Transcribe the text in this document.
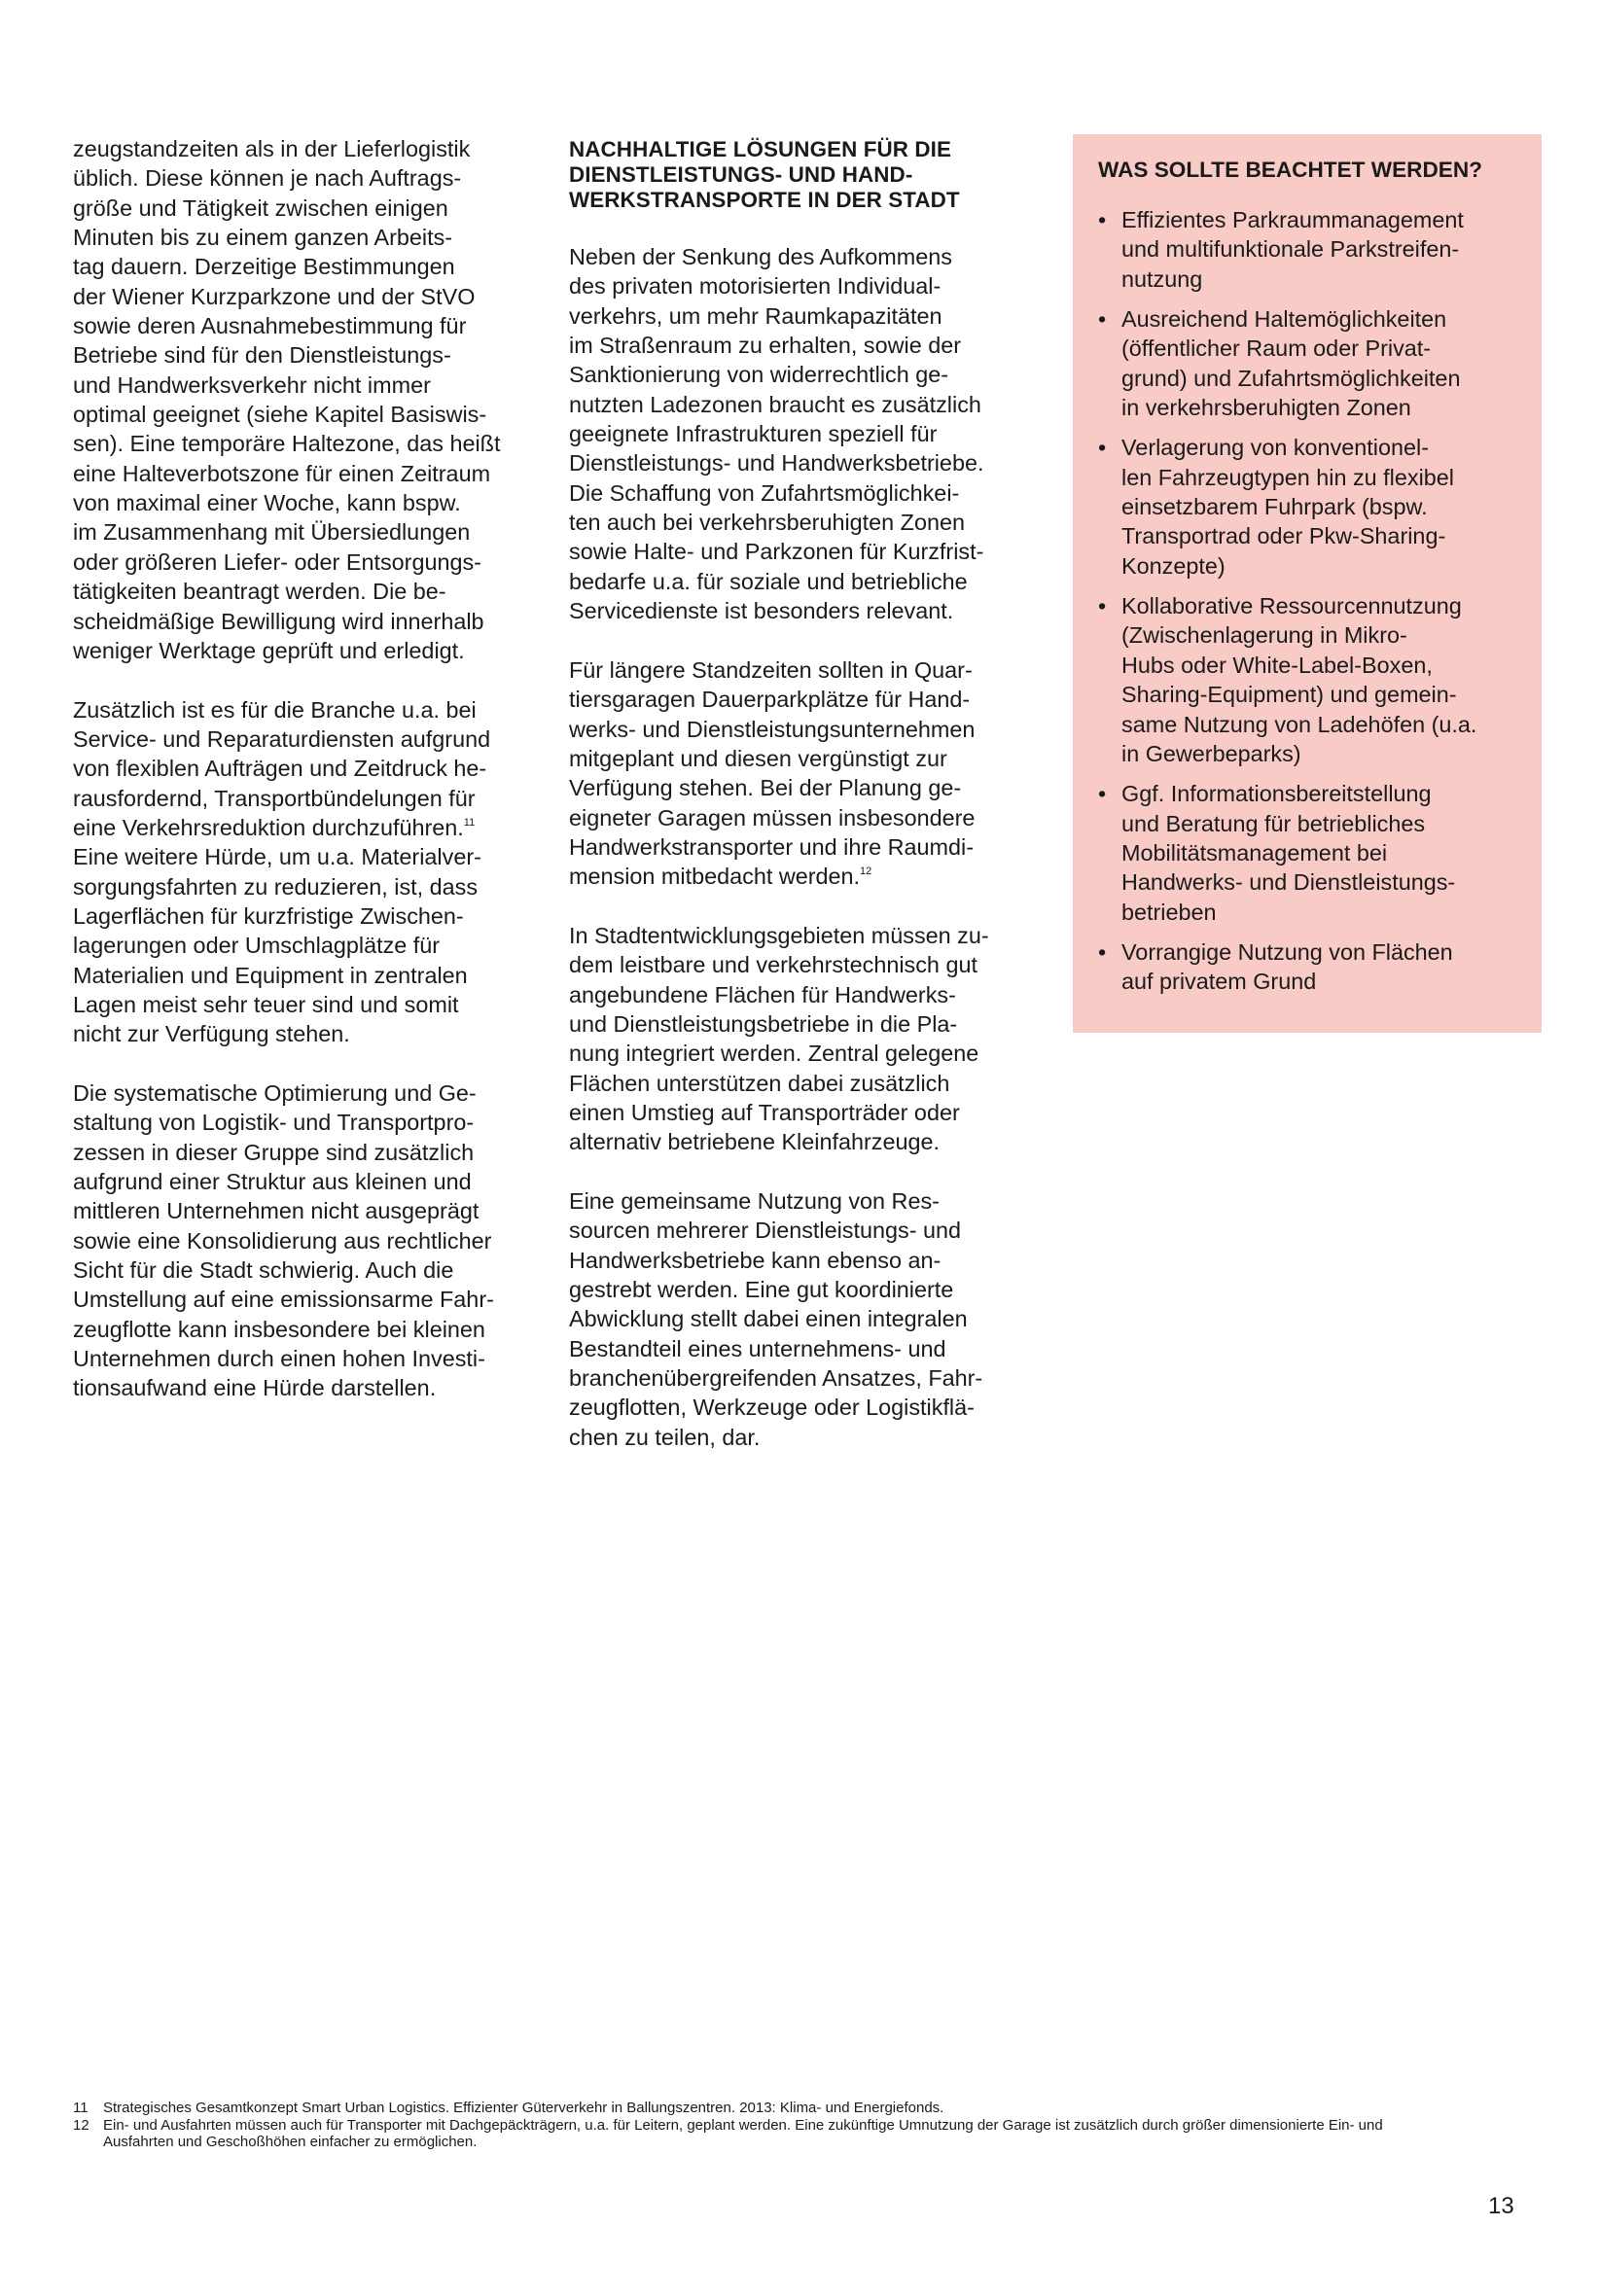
zeugstandzeiten als in der Lieferlogistik
üblich. Diese können je nach Auftrags-
größe und Tätigkeit zwischen einigen
Minuten bis zu einem ganzen Arbeits-
tag dauern. Derzeitige Bestimmungen
der Wiener Kurzparkzone und der StVO
sowie deren Ausnahmebestimmung für
Betriebe sind für den Dienstleistungs-
und Handwerksverkehr nicht immer
optimal geeignet (siehe Kapitel Basiswis-
sen). Eine temporäre Haltezone, das heißt
eine Halteverbotszone für einen Zeitraum
von maximal einer Woche, kann bspw.
im Zusammenhang mit Übersiedlungen
oder größeren Liefer- oder Entsorgungs-
tätigkeiten beantragt werden. Die be-
scheidmäßige Bewilligung wird innerhalb
weniger Werktage geprüft und erledigt.

Zusätzlich ist es für die Branche u.a. bei
Service- und Reparaturdiensten aufgrund
von flexiblen Aufträgen und Zeitdruck he-
rausfordernd, Transportbündelungen für
eine Verkehrsreduktion durchzuführen.$^{11}$
Eine weitere Hürde, um u.a. Materialver-
sorgungsfahrten zu reduzieren, ist, dass
Lagerflächen für kurzfristige Zwischen-
lagerungen oder Umschlagplätze für
Materialien und Equipment in zentralen
Lagen meist sehr teuer sind und somit
nicht zur Verfügung stehen.

Die systematische Optimierung und Ge-
staltung von Logistik- und Transportpro-
zessen in dieser Gruppe sind zusätzlich
aufgrund einer Struktur aus kleinen und
mittleren Unternehmen nicht ausgeprägt
sowie eine Konsolidierung aus rechtlicher
Sicht für die Stadt schwierig. Auch die
Umstellung auf eine emissionsarme Fahr-
zeugflotte kann insbesondere bei kleinen
Unternehmen durch einen hohen Investi-
tionsaufwand eine Hürde darstellen.

NACHHALTIGE LÖSUNGEN FÜR DIE
DIENSTLEISTUNGS- UND HAND-
WERKSTRANSPORTE IN DER STADT

Neben der Senkung des Aufkommens
des privaten motorisierten Individual-
verkehrs, um mehr Raumkapazitäten
im Straßenraum zu erhalten, sowie der
Sanktionierung von widerrechtlich ge-
nutzten Ladezonen braucht es zusätzlich
geeignete Infrastrukturen speziell für
Dienstleistungs- und Handwerksbetriebe.
Die Schaffung von Zufahrtsmöglichkei-
ten auch bei verkehrsberuhigten Zonen
sowie Halte- und Parkzonen für Kurzfrist-
bedarfe u.a. für soziale und betriebliche
Servicedienste ist besonders relevant.

Für längere Standzeiten sollten in Quar-
tiersgaragen Dauerparkplätze für Hand-
werks- und Dienstleistungsunternehmen
mitgeplant und diesen vergünstigt zur
Verfügung stehen. Bei der Planung ge-
eigneter Garagen müssen insbesondere
Handwerkstransporter und ihre Raumdi-
mension mitbedacht werden.$^{12}$

In Stadtentwicklungsgebieten müssen zu-
dem leistbare und verkehrstechnisch gut
angebundene Flächen für Handwerks-
und Dienstleistungsbetriebe in die Pla-
nung integriert werden. Zentral gelegene
Flächen unterstützen dabei zusätzlich
einen Umstieg auf Transporträder oder
alternativ betriebene Kleinfahrzeuge.

Eine gemeinsame Nutzung von Res-
sourcen mehrerer Dienstleistungs- und
Handwerksbetriebe kann ebenso an-
gestrebt werden. Eine gut koordinierte
Abwicklung stellt dabei einen integralen
Bestandteil eines unternehmens- und
branchenübergreifenden Ansatzes, Fahr-
zeugflotten, Werkzeuge oder Logistikflä-
chen zu teilen, dar.

WAS SOLLTE BEACHTET WERDEN?
• Effizientes Parkraummanagement
und multifunktionale Parkstreifen-
nutzung
• Ausreichend Haltemöglichkeiten
(öffentlicher Raum oder Privat-
grund) und Zufahrtsmöglichkeiten
in verkehrsberuhigten Zonen
• Verlagerung von konventionel-
len Fahrzeugtypen hin zu flexibel
einsetzbarem Fuhrpark (bspw.
Transportrad oder Pkw-Sharing-
Konzepte)
• Kollaborative Ressourcennutzung
(Zwischenlagerung in Mikro-
Hubs oder White-Label-Boxen,
Sharing-Equipment) und gemein-
same Nutzung von Ladehöfen (u.a.
in Gewerbeparks)
• Ggf. Informationsbereitstellung
und Beratung für betriebliches
Mobilitätsmanagement bei
Handwerks- und Dienstleistungs-
betrieben
• Vorrangige Nutzung von Flächen
auf privatem Grund
11	Strategisches Gesamtkonzept Smart Urban Logistics. Effizienter Güterverkehr in Ballungszentren. 2013: Klima- und Energiefonds.
12 Ein- und Ausfahrten müssen auch für Transporter mit Dachgepäckträgern, u.a. für Leitern, geplant werden. Eine zukünftige Umnutzung der Garage ist zusätzlich durch größer dimensionierte Ein- und
Ausfahrten und Geschoßhöhen einfacher zu ermöglichen.
13
